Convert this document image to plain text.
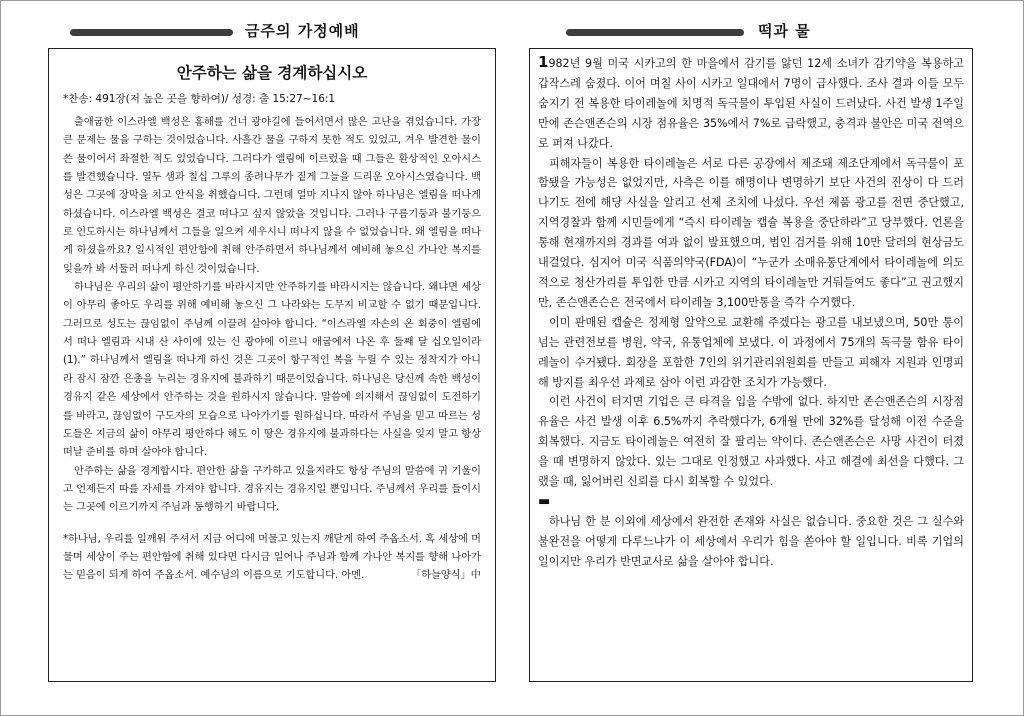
금주의 가정예배	떡과 물
안주하는 삶을 경계하십시오
*찬송: 491장(저 높은 곳을 향하여)/ 성경: 출 15:27~16:1

출애굽한 이스라엘 백성은 홍해를 건너 광야길에 들어서면서 많은 고난을 겪었습니다. 가장 큰 문제는 물을 구하는 것이었습니다. 사흘간 물을 구하지 못한 적도 있었고, 겨우 발견한 물이 쓴 물이어서 좌절한 적도 있었습니다. 그러다가 엘림에 이르렀을 때 그들은 환상적인 오아시스를 발견했습니다. 열두 샘과 칠십 그루의 종려나무가 짙게 그늘을 드리운 오아시스였습니다. 백성은 그곳에 장막을 치고 안식을 취했습니다. 그런데 얼마 지나지 않아 하나님은 엘림을 떠나게 하셨습니다. 이스라엘 백성은 결코 떠나고 싶지 않았을 것입니다. 그러나 구름기둥과 불기둥으로 인도하시는 하나님께서 그들을 일으켜 세우시니 떠나지 않을 수 없었습니다. 왜 엘림을 떠나게 하셨을까요? 일시적인 편안함에 취해 안주하면서 하나님께서 예비해 놓으신 가나안 복지를 잊을까 봐 서둘러 떠나게 하신 것이었습니다.

하나님은 우리의 삶이 평안하기를 바라시지만 안주하기를 바라시지는 않습니다. 왜냐면 세상이 아무리 좋아도 우리를 위해 예비해 놓으신 그 나라와는 도무지 비교할 수 없기 때문입니다. 그러므로 성도는 끊임없이 주님께 이끌려 살아야 합니다. “이스라엘 자손의 온 회중이 엘림에서 떠나 엘림과 시내 산 사이에 있는 신 광야에 이르니 애굽에서 나온 후 둘째 달 십오일이라(1).” 하나님께서 엘림을 떠나게 하신 것은 그곳이 항구적인 복을 누릴 수 있는 정착지가 아니라 잠시 잠깐 은총을 누리는 경유지에 불과하기 때문이었습니다. 하나님은 당신께 속한 백성이 경유지 같은 세상에서 안주하는 것을 원하시지 않습니다. 말씀에 의지해서 끊임없이 도전하기를 바라고, 끊임없이 구도자의 모습으로 나아가기를 원하십니다. 따라서 주님을 믿고 따르는 성도들은 지금의 삶이 아무리 평안하다 해도 이 땅은 경유지에 불과하다는 사실을 잊지 말고 항상 떠날 준비를 하며 살아야 합니다.

안주하는 삶을 경계합시다. 편안한 삶을 구가하고 있을지라도 항상 주님의 말씀에 귀 기울이고 언제든지 따를 자세를 가져야 합니다. 경유지는 경유지일 뿐입니다. 주님께서 우리를 들이시는 그곳에 이르기까지 주님과 동행하기 바랍니다.

*하나님, 우리를 일깨워 주셔서 지금 어디에 머물고 있는지 깨닫게 하여 주옵소서. 혹 세상에 머물며 세상이 주는 편안함에 취해 있다면 다시금 일어나 주님과 함께 가나안 복지를 향해 나아가는 믿음이 되게 하여 주옵소서. 예수님의 이름으로 기도합니다. 아멘.	「하늘양식」中

1982년 9월 미국 시카고의 한 마을에서 감기를 앓던 12세 소녀가 감기약을 복용하고 갑작스레 숨졌다. 이어 며칠 사이 시카고 일대에서 7명이 급사했다. 조사 결과 이들 모두 숨지기 전 복용한 타이레놀에 치명적 독극물이 투입된 사실이 드러났다. 사건 발생 1주일 만에 존슨앤존슨의 시장 점유율은 35%에서 7%로 급락했고, 충격과 불안은 미국 전역으로 퍼져 나갔다.

피해자들이 복용한 타이레놀은 서로 다른 공장에서 제조돼 제조단계에서 독극물이 포함됐을 가능성은 없었지만, 사측은 이를 해명이나 변명하기 보단 사건의 진상이 다 드러나기도 전에 해당 사실을 알리고 선제 조치에 나섰다. 우선 제품 광고를 전면 중단했고, 지역경찰과 함께 시민들에게 “즉시 타이레놀 캡슐 복용을 중단하라”고 당부했다. 언론을 통해 현재까지의 경과를 여과 없이 발표했으며, 범인 검거를 위해 10만 달러의 현상금도 내걸었다. 심지어 미국 식품의약국(FDA)이 “누군가 소매유통단계에서 타이레놀에 의도적으로 청산가리를 투입한 만큼 시카고 지역의 타이레놀만 거둬들여도 좋다”고 권고했지만, 존슨앤존슨은 전국에서 타이레놀 3,100만통을 즉각 수거했다.

이미 판매된 캡슐은 정제형 알약으로 교환해 주겠다는 광고를 내보냈으며, 50만 통이 넘는 관련전보를 병원, 약국, 유통업체에 보냈다. 이 과정에서 75개의 독극물 함유 타이레놀이 수거됐다. 회장을 포함한 7인의 위기관리위원회를 만들고 피해자 지원과 인명피해 방지를 최우선 과제로 삼아 이런 과감한 조치가 가능했다.

이런 사건이 터지면 기업은 큰 타격을 입을 수밖에 없다. 하지만 존슨앤존슨의 시장점유율은 사건 발생 이후 6.5%까지 추락했다가, 6개월 만에 32%를 달성해 이전 수준을 회복했다. 지금도 타이레놀은 여전히 잘 팔리는 약이다. 존슨앤존슨은 사망 사건이 터졌을 때 변명하지 않았다. 있는 그대로 인정했고 사과했다. 사고 해결에 최선을 다했다. 그랬을 때, 잃어버린 신뢰를 다시 회복할 수 있었다.

▬

하나님 한 분 이외에 세상에서 완전한 존재와 사실은 없습니다. 중요한 것은 그 실수와 불완전을 어떻게 다루느냐가 이 세상에서 우리가 힘을 쏟아야 할 일입니다. 비록 기업의 일이지만 우리가 반면교사로 삶을 살아야 합니다.
